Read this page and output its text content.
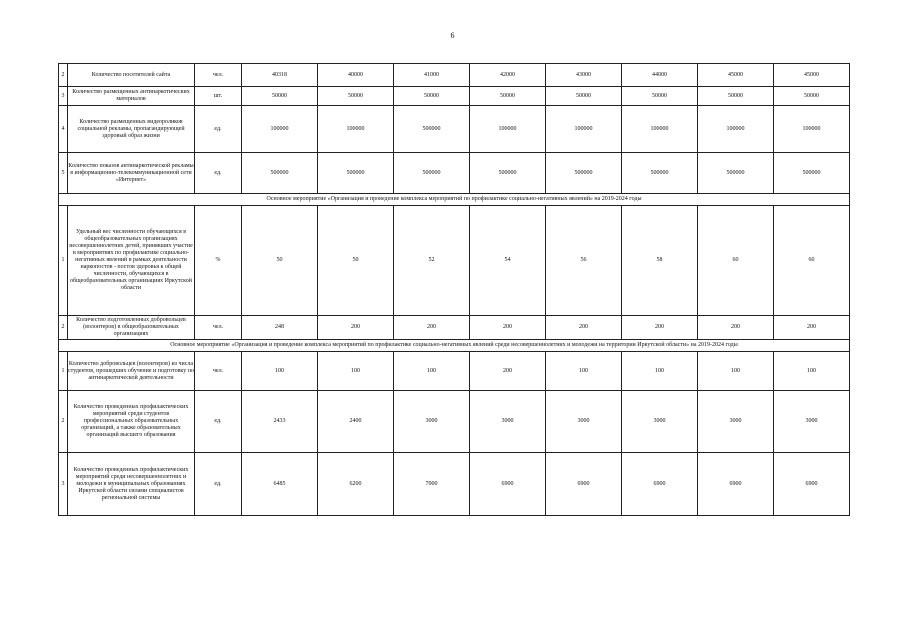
6
2	Количество посетителей сайта	чел.	40318	40000	41000	42000	43000	44000	45000	45000
3	Количество размещенных антинаркотических материалов	шт.	50000	50000	50000	50000	50000	50000	50000	50000
4	Количество размещенных видеороликов социальной рекламы, пропагандирующей здоровый образ жизни	ед.	100000	100000	500000	100000	100000	100000	100000	100000
5	Количество показов антинаркотической рекламы в информационно-телекоммуникационной сети «Интернет»	ед.	500000	500000	500000	500000	500000	500000	500000	500000
Основное мероприятие «Организация и проведение комплекса мероприятий по профилактике социально-негативных явлений» на 2019-2024 годы										
1	Удельный вес численности обучающихся в общеобразовательных организациях несовершеннолетних детей, принявших участие в мероприятиях по профилактике социально-негативных явлений в рамках деятельности наркопостов - постов здоровья к общей численности, обучающихся в общеобразовательных организациях Иркутской области	%	50	50	52	54	56	58	60	60
2	Количество подготовленных добровольцев (волонтеров) в общеобразовательных организациях	чел.	248	200	200	200	200	200	200	200
Основное мероприятие «Организация и проведение комплекса мероприятий по профилактике социально-негативных явлений среди несовершеннолетних и молодежи на территории Иркутской области» на 2019-2024 годы										
1	Количество добровольцев (волонтеров) из числа студентов, прошедших обучение и подготовку по антинаркотической деятельности	чел.	100	100	100	200	100	100	100	100
2	Количество проведенных профилактических мероприятий среди студентов профессиональных образовательных организаций, а также образовательных организаций высшего образования	ед.	2433	2400	3000	3000	3000	3000	3000	3000
3	Количество проведенных профилактических мероприятий среди несовершеннолетних и молодежи в муниципальных образованиях Иркутской области силами специалистов региональной системы	ед.	6485	6200	7000	6900	6900	6900	6900	6900
